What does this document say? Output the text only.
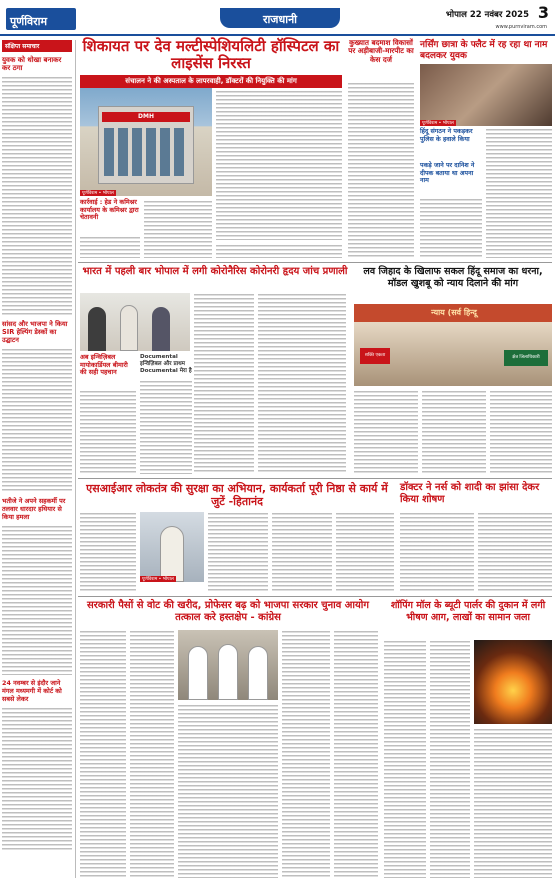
पूर्णविराम	राजधानी	भोपाल 22 नवंबर 2025 3
www.purnviram.com
संक्षिप्त समाचार
युवक को धोखा बनाकर कर ठगा
सांसद और भाजपा ने किया SIR हेल्पिंग डेस्कों का उद्घाटन
भतीजे ने अपने सहकर्मी पर तलवार धारदार हथियार से किया हमला
24 नवम्बर से इंदौर जाने मंगल मध्यमगी में कोर्ट को सबसे लेकर
शिकायत पर देव मल्टीस्पेशियलिटी हॉस्पिटल का लाइसेंस निरस्त
संचालन ने की अस्पताल के लापरवाही, डॉक्टरों की नियुक्ति की मांग
DMH
पूर्णविराम • भोपाल
कार्रवाई : हेड ने कमिश्नर कार्यालय के कमिश्नर द्वारा चेतावनी
कुख्यात बदमाश विकासों पर अड़ीबाजी-मारपीट का केस दर्ज
नर्सिंग छात्रा के फ्लैट में रह रहा था नाम बदलकर युवक
पूर्णविराम • भोपाल
हिंदू संगठन ने पकड़कर पुलिस के हवाले किया
पकड़े जाने पर दानिश ने दीपक बताया था अपना नाम
भारत में पहली बार भोपाल में लगी कोरोनैरिस कोरोनरी हृदय जांच प्रणाली
अब इन्विज़िबल मायोकार्डियल बीमारी की सही पहचान
Documental इन्विज़िबल और प्राथम Documental मेरा है
लव जिहाद के खिलाफ सकल हिंदू समाज का धरना, मॉडल खुशबू को न्याय दिलाने की मांग
न्याय (सर्व हिन्दू
शक्ति एकता	क्षेत्र जिलाधिकारी
एसआईआर लोकतंत्र की सुरक्षा का अभियान, कार्यकर्ता पूरी निष्ठा से कार्य में जुटें -हितानंद
पूर्णविराम • भोपाल
डॉक्टर ने नर्स को शादी का झांसा देकर किया शोषण
सरकारी पैसों से वोट की खरीद, प्रोफेसर बढ़ को भाजपा सरकार चुनाव आयोग तत्काल करे हस्तक्षेप - कांग्रेस
शॉपिंग मॉल के ब्यूटी पार्लर की दुकान में लगी भीषण आग, लाखों का सामान जला
